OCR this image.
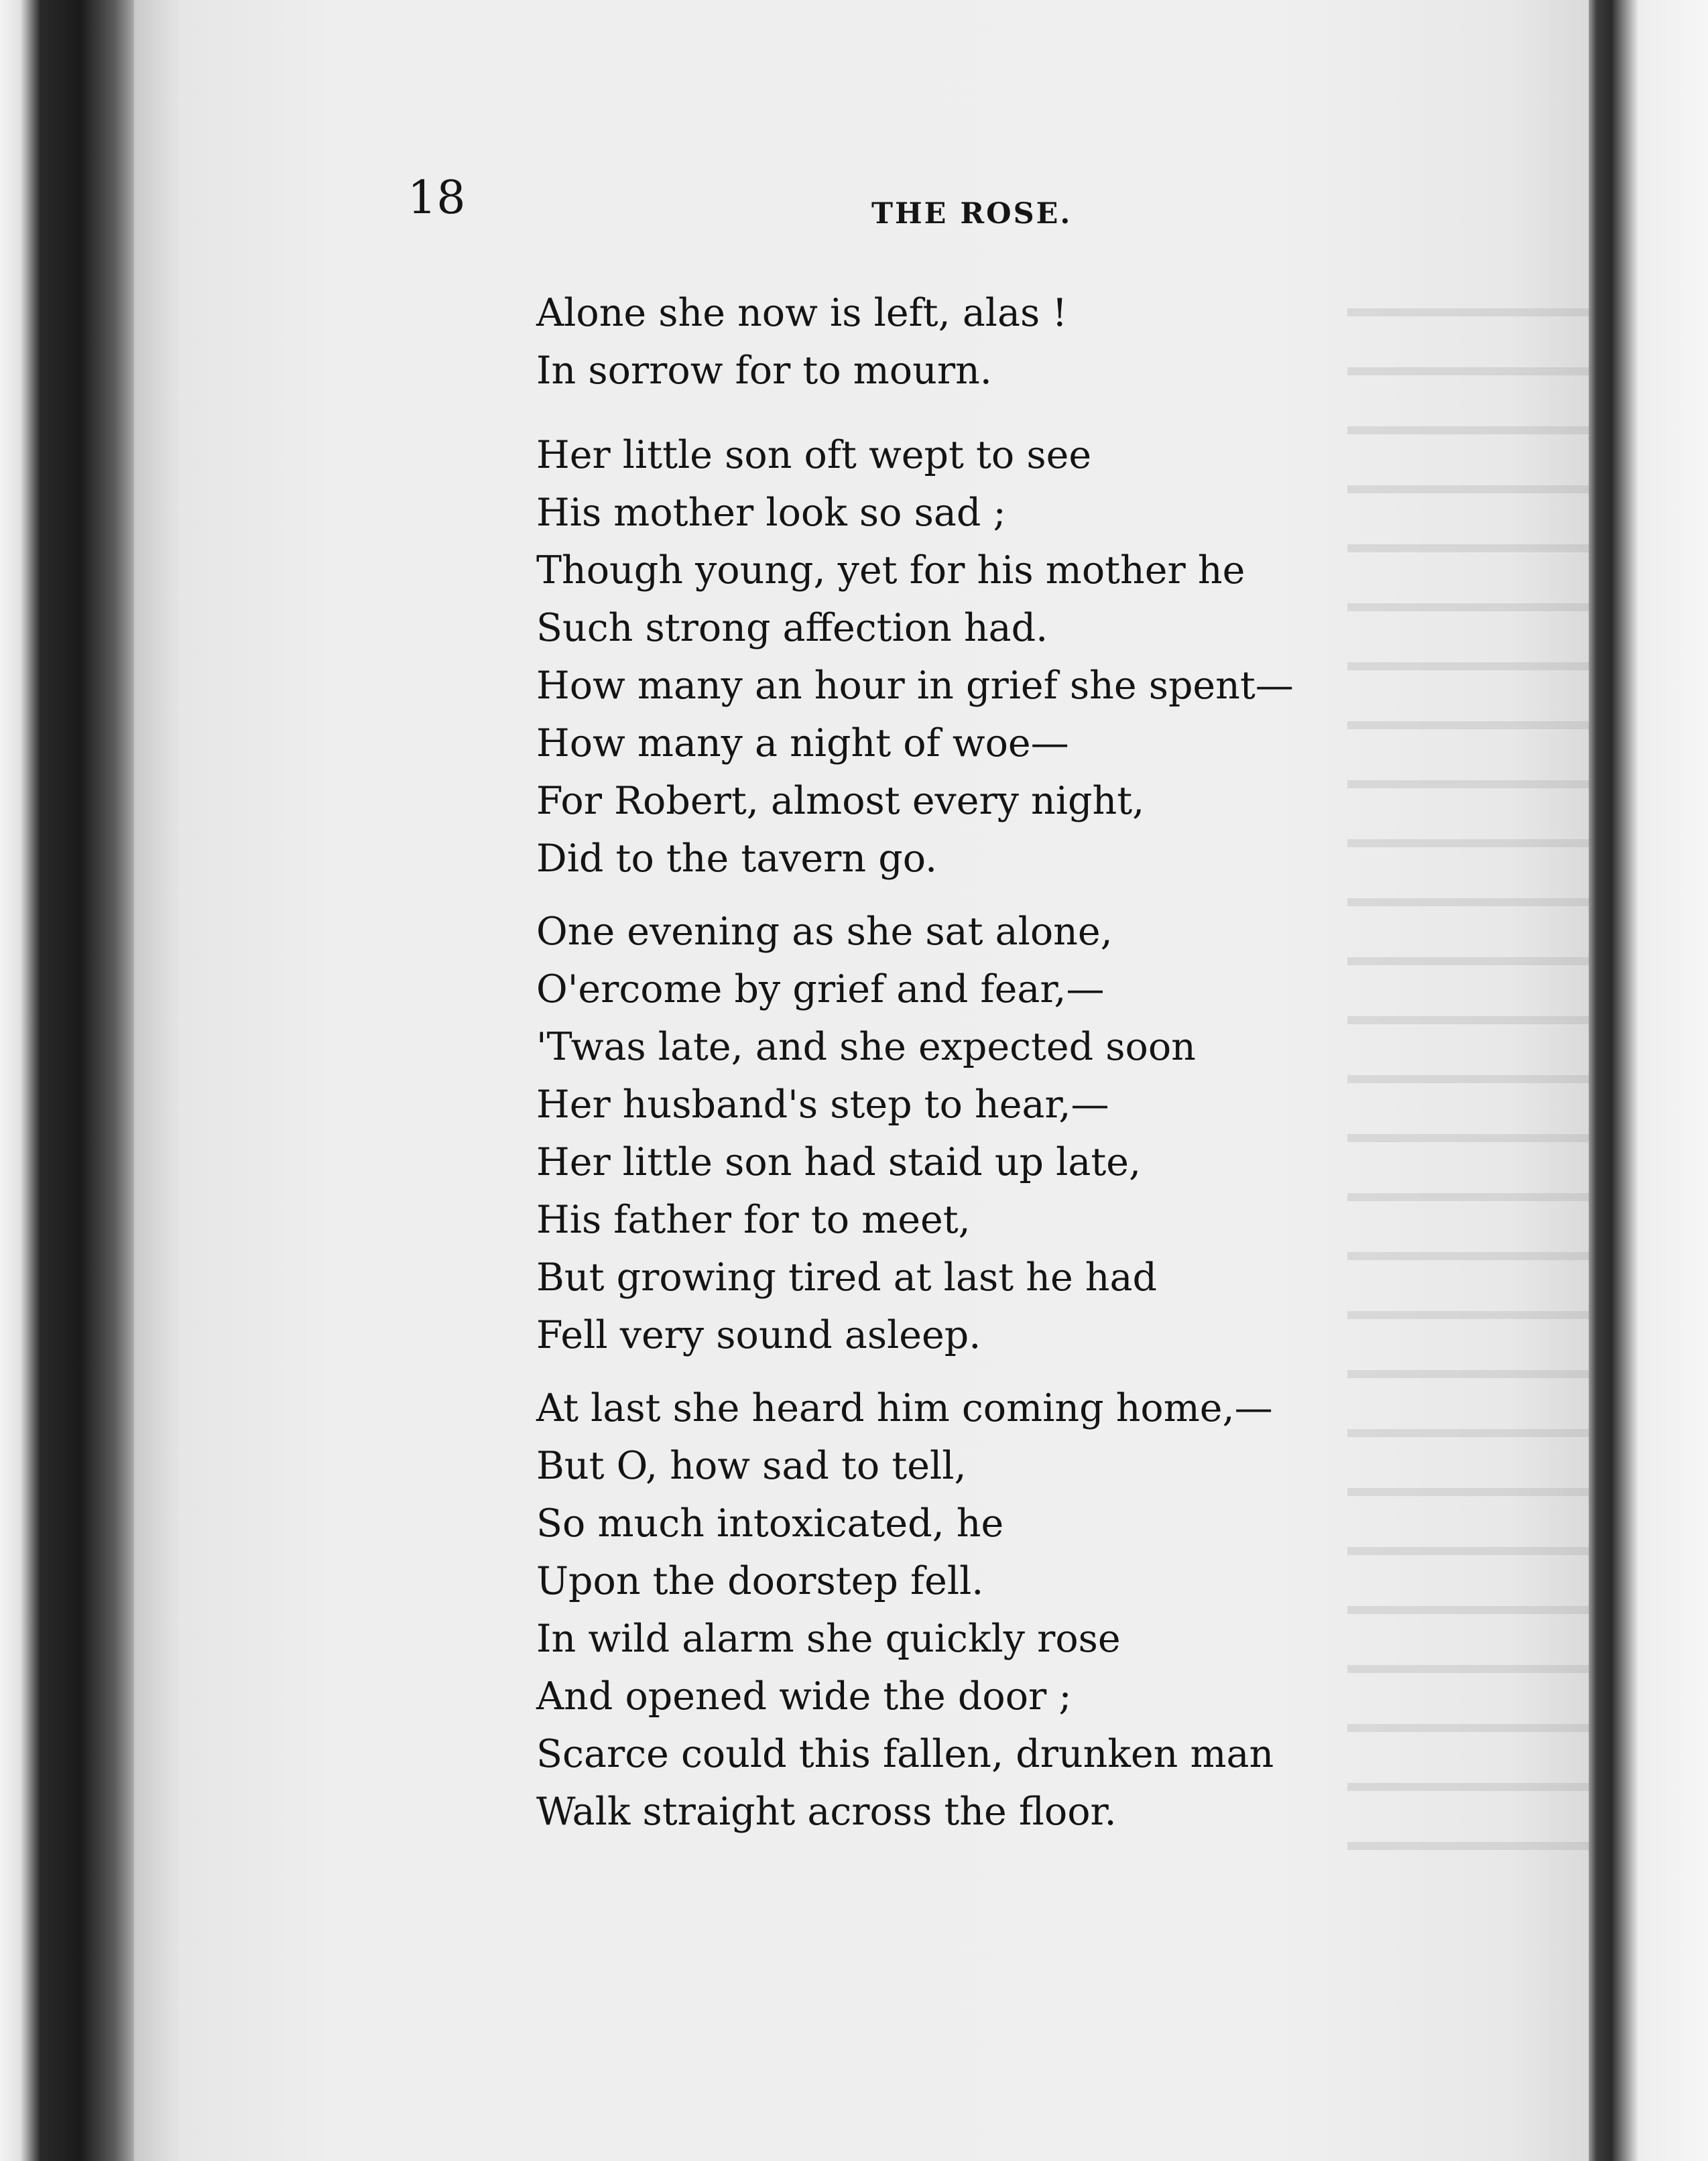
18	THE ROSE.
Alone she now is left, alas !
In sorrow for to mourn.
Her little son oft wept to see
His mother look so sad ;
Though young, yet for his mother he
Such strong affection had.
How many an hour in grief she spent—
How many a night of woe—
For Robert, almost every night,
Did to the tavern go.
One evening as she sat alone,
O'ercome by grief and fear,—
'Twas late, and she expected soon
Her husband's step to hear,—
Her little son had staid up late,
His father for to meet,
But growing tired at last he had
Fell very sound asleep.
At last she heard him coming home,—
But O, how sad to tell,
So much intoxicated, he
Upon the doorstep fell.
In wild alarm she quickly rose
And opened wide the door ;
Scarce could this fallen, drunken man
Walk straight across the floor.
